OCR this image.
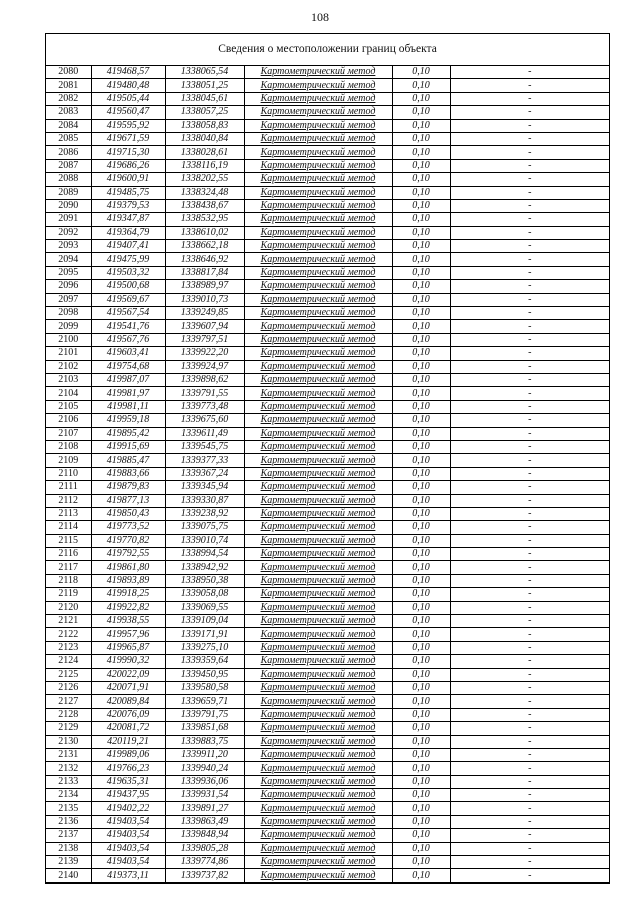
108
Сведения о местоположении границ объекта
2080	419468,57	1338065,54	Картометрический метод	0,10	-
2081	419480,48	1338051,25	Картометрический метод	0,10	-
2082	419505,44	1338045,61	Картометрический метод	0,10	-
2083	419560,47	1338057,25	Картометрический метод	0,10	-
2084	419595,92	1338058,83	Картометрический метод	0,10	-
2085	419671,59	1338040,84	Картометрический метод	0,10	-
2086	419715,30	1338028,61	Картометрический метод	0,10	-
2087	419686,26	1338116,19	Картометрический метод	0,10	-
2088	419600,91	1338202,55	Картометрический метод	0,10	-
2089	419485,75	1338324,48	Картометрический метод	0,10	-
2090	419379,53	1338438,67	Картометрический метод	0,10	-
2091	419347,87	1338532,95	Картометрический метод	0,10	-
2092	419364,79	1338610,02	Картометрический метод	0,10	-
2093	419407,41	1338662,18	Картометрический метод	0,10	-
2094	419475,99	1338646,92	Картометрический метод	0,10	-
2095	419503,32	1338817,84	Картометрический метод	0,10	-
2096	419500,68	1338989,97	Картометрический метод	0,10	-
2097	419569,67	1339010,73	Картометрический метод	0,10	-
2098	419567,54	1339249,85	Картометрический метод	0,10	-
2099	419541,76	1339607,94	Картометрический метод	0,10	-
2100	419567,76	1339797,51	Картометрический метод	0,10	-
2101	419603,41	1339922,20	Картометрический метод	0,10	-
2102	419754,68	1339924,97	Картометрический метод	0,10	-
2103	419987,07	1339898,62	Картометрический метод	0,10	-
2104	419981,97	1339791,55	Картометрический метод	0,10	-
2105	419981,11	1339773,48	Картометрический метод	0,10	-
2106	419959,18	1339675,60	Картометрический метод	0,10	-
2107	419895,42	1339611,49	Картометрический метод	0,10	-
2108	419915,69	1339545,75	Картометрический метод	0,10	-
2109	419885,47	1339377,33	Картометрический метод	0,10	-
2110	419883,66	1339367,24	Картометрический метод	0,10	-
2111	419879,83	1339345,94	Картометрический метод	0,10	-
2112	419877,13	1339330,87	Картометрический метод	0,10	-
2113	419850,43	1339238,92	Картометрический метод	0,10	-
2114	419773,52	1339075,75	Картометрический метод	0,10	-
2115	419770,82	1339010,74	Картометрический метод	0,10	-
2116	419792,55	1338994,54	Картометрический метод	0,10	-
2117	419861,80	1338942,92	Картометрический метод	0,10	-
2118	419893,89	1338950,38	Картометрический метод	0,10	-
2119	419918,25	1339058,08	Картометрический метод	0,10	-
2120	419922,82	1339069,55	Картометрический метод	0,10	-
2121	419938,55	1339109,04	Картометрический метод	0,10	-
2122	419957,96	1339171,91	Картометрический метод	0,10	-
2123	419965,87	1339275,10	Картометрический метод	0,10	-
2124	419990,32	1339359,64	Картометрический метод	0,10	-
2125	420022,09	1339450,95	Картометрический метод	0,10	-
2126	420071,91	1339580,58	Картометрический метод	0,10	-
2127	420089,84	1339659,71	Картометрический метод	0,10	-
2128	420076,09	1339791,75	Картометрический метод	0,10	-
2129	420081,72	1339851,68	Картометрический метод	0,10	-
2130	420119,21	1339883,75	Картометрический метод	0,10	-
2131	419989,06	1339911,20	Картометрический метод	0,10	-
2132	419766,23	1339940,24	Картометрический метод	0,10	-
2133	419635,31	1339936,06	Картометрический метод	0,10	-
2134	419437,95	1339931,54	Картометрический метод	0,10	-
2135	419402,22	1339891,27	Картометрический метод	0,10	-
2136	419403,54	1339863,49	Картометрический метод	0,10	-
2137	419403,54	1339848,94	Картометрический метод	0,10	-
2138	419403,54	1339805,28	Картометрический метод	0,10	-
2139	419403,54	1339774,86	Картометрический метод	0,10	-
2140	419373,11	1339737,82	Картометрический метод	0,10	-
